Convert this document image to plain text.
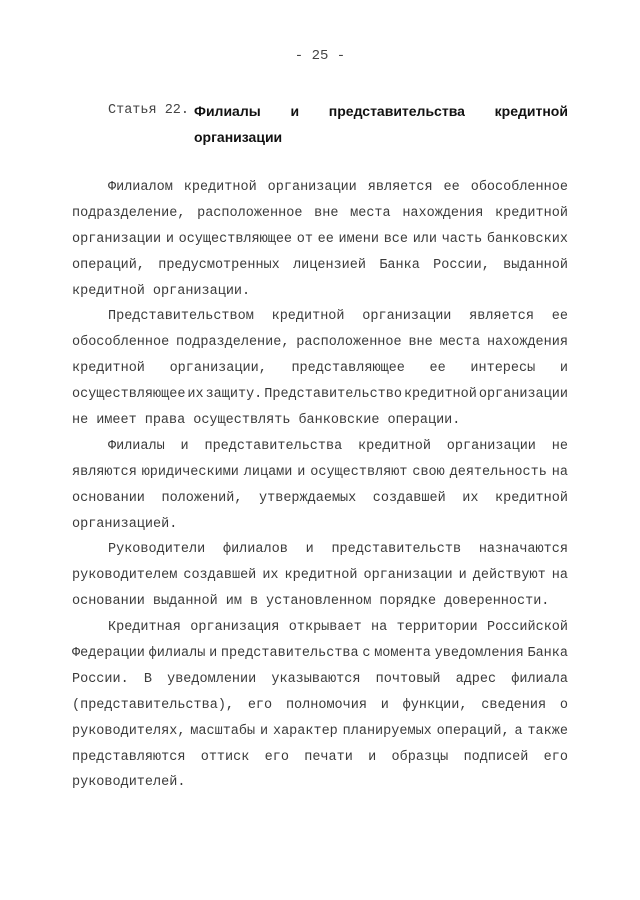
- 25 -
Статья 22. Филиалы и представительства кредитной
организации
Филиалом кредитной организации является ее обособленное
подразделение, расположенное вне места нахождения кредитной
организации и осуществляющее от ее имени все или часть банковских
операций, предусмотренных лицензией Банка России, выданной
кредитной организации.
Представительством кредитной организации является ее
обособленное подразделение, расположенное вне места нахождения
кредитной организации, представляющее ее интересы и
осуществляющее их защиту. Представительство кредитной организации
не имеет права осуществлять банковские операции.
Филиалы и представительства кредитной организации не
являются юридическими лицами и осуществляют свою деятельность на
основании положений, утверждаемых создавшей их кредитной
организацией.
Руководители филиалов и представительств назначаются
руководителем создавшей их кредитной организации и действуют на
основании выданной им в установленном порядке доверенности.
Кредитная организация открывает на территории Российской
Федерации филиалы и представительства с момента уведомления Банка
России. В уведомлении указываются почтовый адрес филиала
(представительства), его полномочия и функции, сведения о
руководителях, масштабы и характер планируемых операций, а также
представляются оттиск его печати и образцы подписей его
руководителей.
